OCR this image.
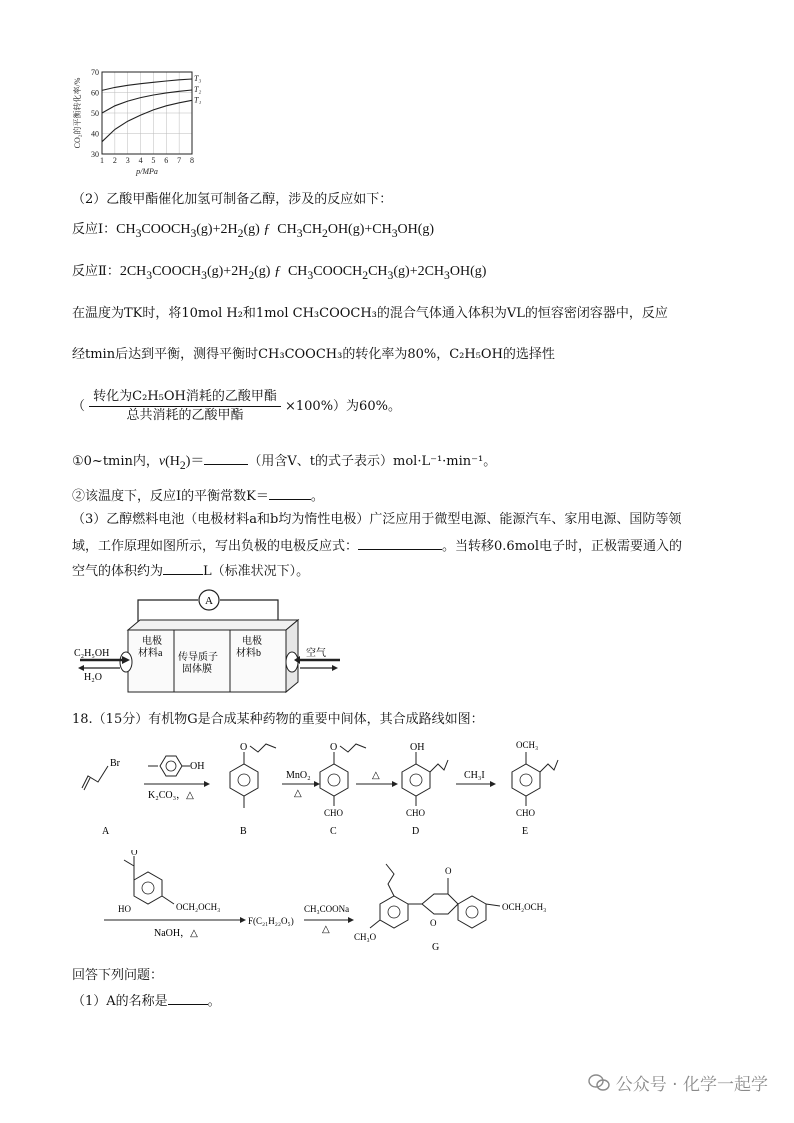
30
40
50
60
70
1 2 3 4 5 6 7 8
T₃
T₂
T₁
p/MPa
CO₂的平衡转化率/%
（2）乙酸甲酯催化加氢可制备乙醇，涉及的反应如下：
反应Ⅰ：$CH_3COOCH_3(g)+2H_2(g)$ ƒ  $CH_3CH_2OH(g)+CH_3OH(g)$
反应Ⅱ：$2CH_3COOCH_3(g)+2H_2(g)$ ƒ  $CH_3COOCH_2CH_3(g)+2CH_3OH(g)$
在温度为TK时，将10mol H₂和1mol CH₃COOCH₃的混合气体通入体积为VL的恒容密闭容器中，反应
经tmin后达到平衡，测得平衡时CH₃COOCH₃的转化率为80%，C₂H₅OH的选择性
（ $\frac{\text{转化为C₂H₅OH消耗的乙酸甲酯}}{\text{总共消耗的乙酸甲酯}} \times 100\%$）为60%。
①0~tmin内，$v(H_2)=$	（用含V、t的式子表示）mol·L⁻¹·min⁻¹。
②该温度下，反应Ⅰ的平衡常数K＝	。
（3）乙醇燃料电池（电极材料a和b均为惰性电极）广泛应用于微型电源、能源汽车、家用电源、国防等领
域，工作原理如图所示，写出负极的电极反应式：	。当转移0.6mol电子时，正极需要通入的
空气的体积约为	L（标准状况下）。
A
电极
材料a 传导质子
固体膜
电极
材料b
C₂H₅OH
H₂O
空气
18.（15分）有机物G是合成某种药物的重要中间体，其合成路线如图：
Br
A
OH
K₂CO₃，△
O
B
MnO₂
△
O
CHO
C
△
OH
CHO
D
CH₃I
OCH₃
CHO
E
O
HO	OCH₂OCH₃
NaOH，△
F(C₂₁H₂₂O₅)
CH₃COONa
△
CH₃O
O
O
OCH₂OCH₃
G
回答下列问题：
（1）A的名称是	。
公众号 · 化学一起学
